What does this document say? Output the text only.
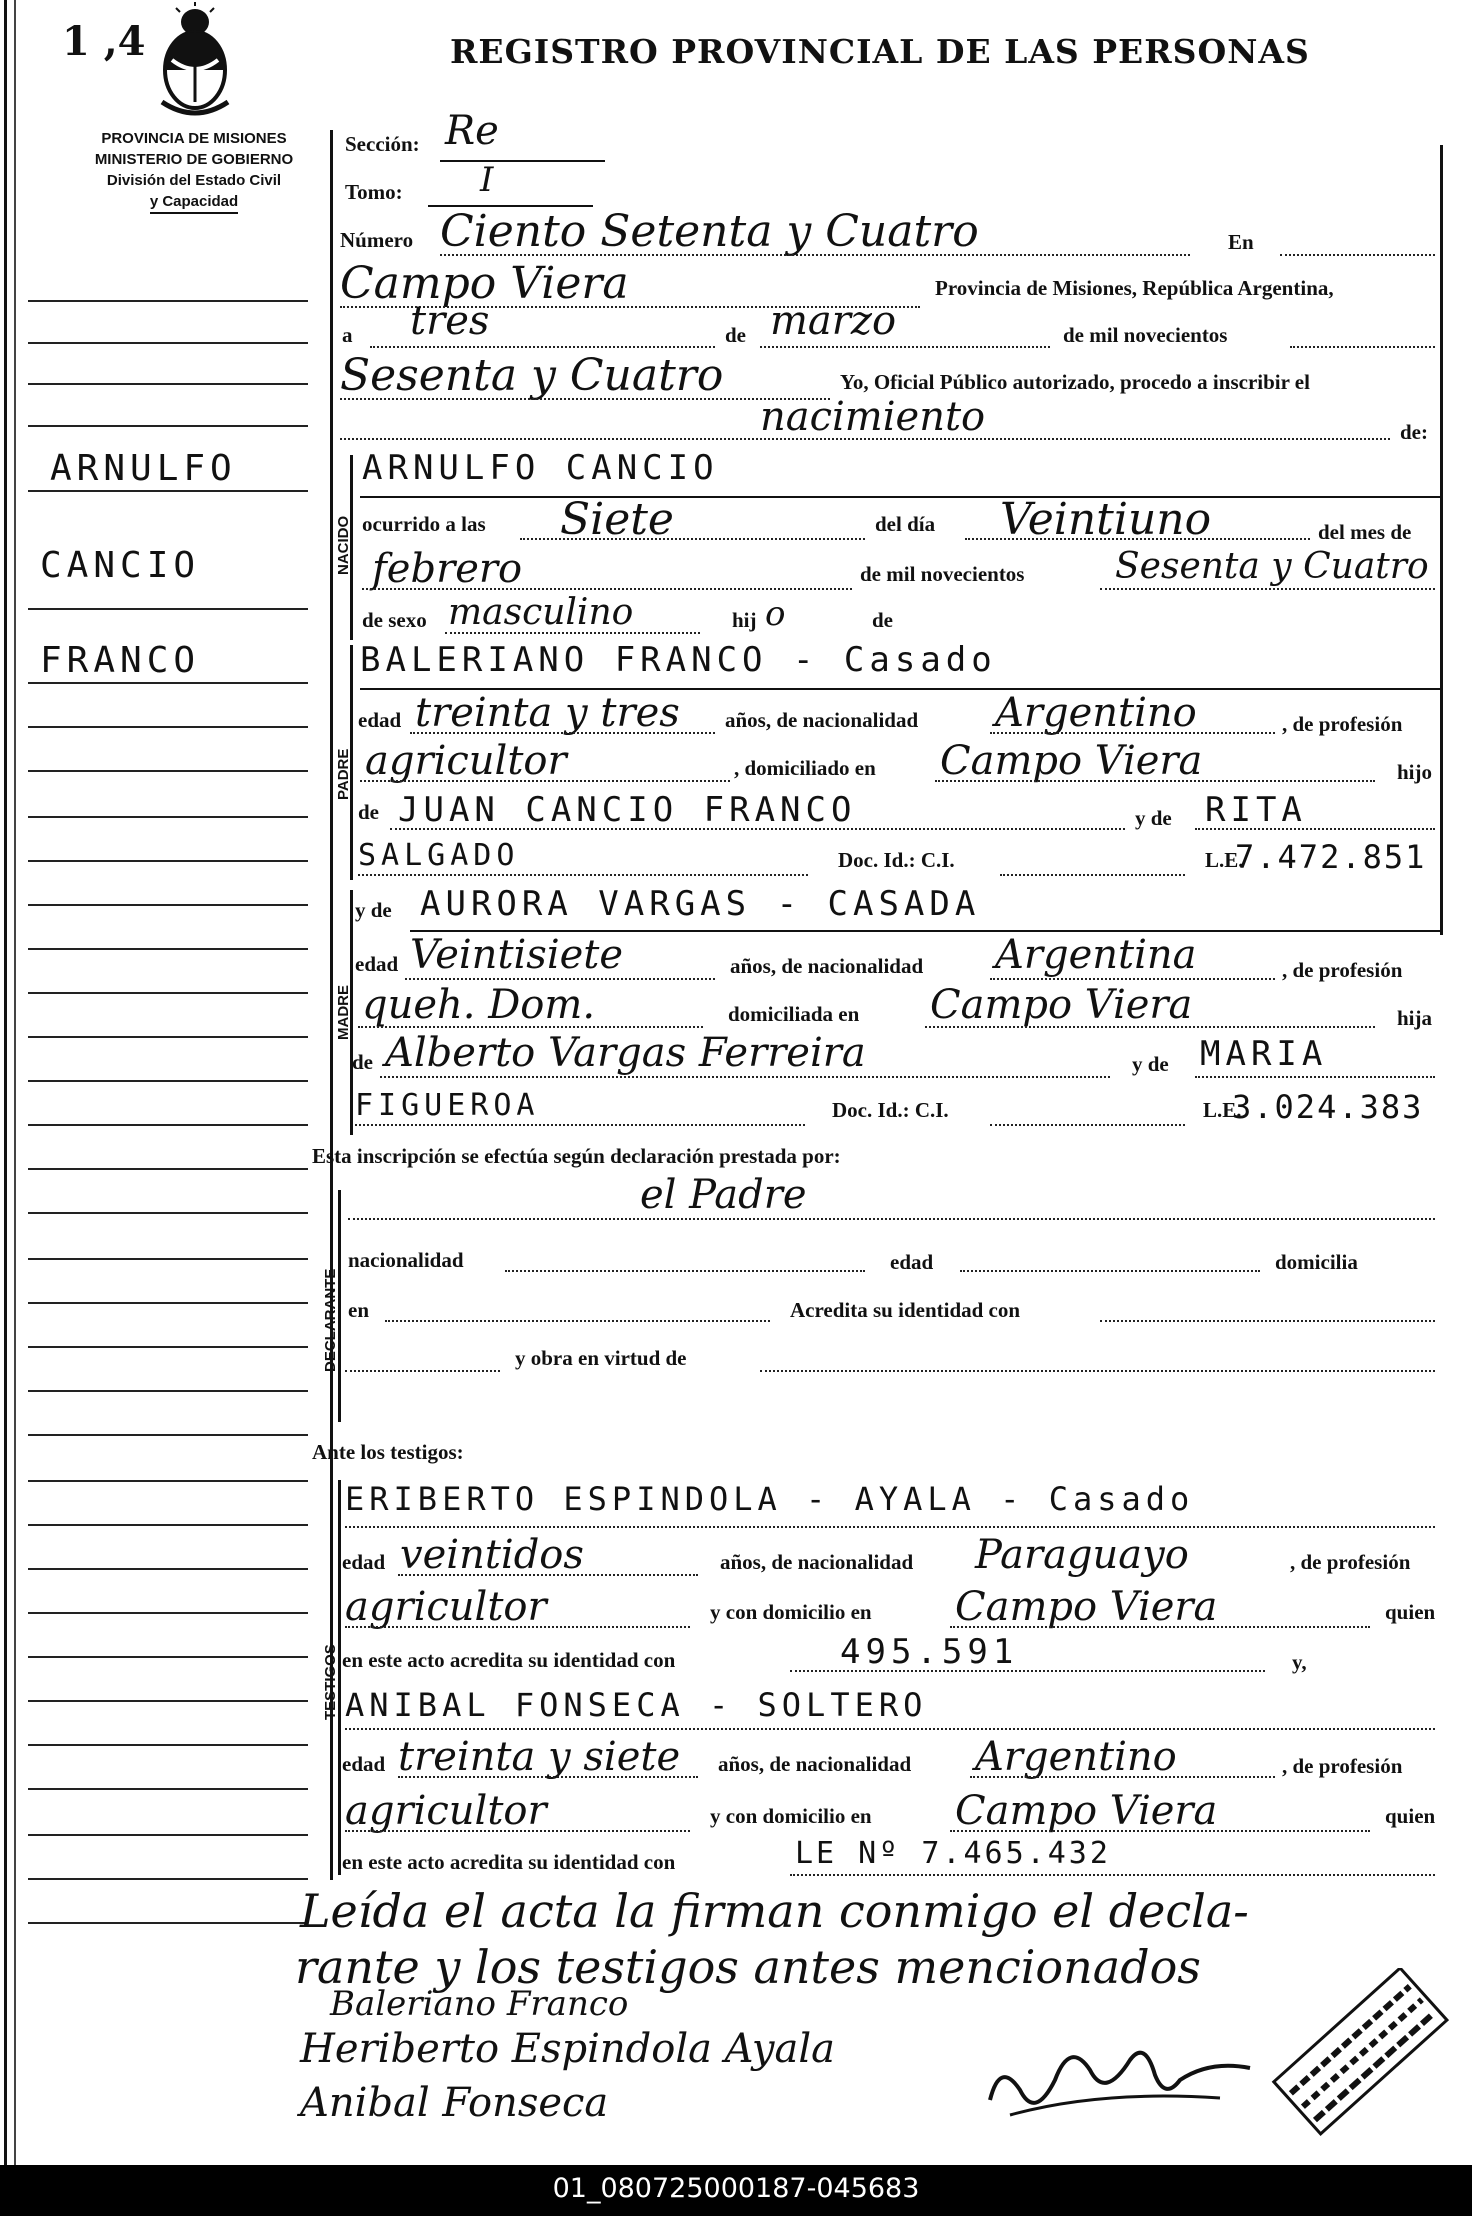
1 ,4	REGISTRO PROVINCIAL DE LAS PERSONAS
PROVINCIA DE MISIONES
MINISTERIO DE GOBIERNO
División del Estado Civil
y Capacidad
ARNULFO
CANCIO
FRANCO
Sección: Re
Tomo: I
Número Ciento Setenta y Cuatro	En
Campo Viera	Provincia de Misiones, República Argentina,
a tres	de marzo	de mil novecientos
Sesenta y Cuatro	Yo, Oficial Público autorizado, procedo a inscribir el
nacimiento	de:
NACIDO
ARNULFO CANCIO
ocurrido a las Siete	del día Veintiuno	del mes de
febrero	de mil novecientos	Sesenta y Cuatro
de sexo masculino	hij o	de
PADRE
BALERIANO FRANCO - Casado
edad treinta y tres años, de nacionalidad Argentino	, de profesión
agricultor	, domiciliado en Campo Viera	hijo
de JUAN CANCIO FRANCO	y de RITA
SALGADO	Doc. Id.: C.I.	L.E.
7.472.851
MADRE
y de AURORA VARGAS - CASADA
edad Veintisiete	años, de nacionalidad Argentina	, de profesión
queh. Dom.	domiciliada en Campo Viera	hija
de Alberto Vargas Ferreira	y de MARIA
FIGUEROA	Doc. Id.: C.I.	L.E.
3.024.383
Esta inscripción se efectúa según declaración prestada por:
DECLARANTE
el Padre
nacionalidad	edad	domicilia
en	Acredita su identidad con
y obra en virtud de
Ante los testigos:
TESTIGOS
ERIBERTO ESPINDOLA - AYALA - Casado
edad veintidos	años, de nacionalidad Paraguayo	, de profesión
agricultor	y con domicilio en Campo Viera	quien
en este acto acredita su identidad con	495.591	y,
ANIBAL FONSECA - SOLTERO
edad treinta y siete años, de nacionalidad Argentino	, de profesión
agricultor	y con domicilio en Campo Viera	quien
en este acto acredita su identidad con	LE Nº 7.465.432
Leída el acta la firman conmigo el decla-
rante y los testigos antes mencionados
Baleriano Franco
Heriberto Espindola Ayala
Anibal Fonseca
01_080725000187-045683
